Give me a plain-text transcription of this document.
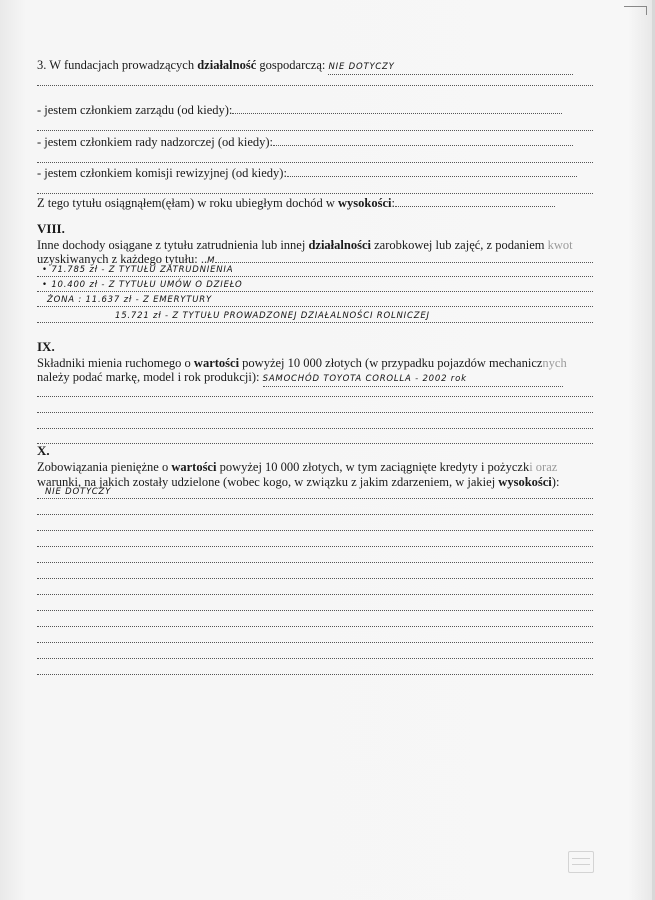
3. W fundacjach prowadzących działalność gospodarczą: NIE DOTYCZY
- jestem członkiem zarządu (od kiedy):
- jestem członkiem rady nadzorczej (od kiedy):
- jestem członkiem komisji rewizyjnej (od kiedy):
Z tego tytułu osiągnąłem(ęłam) w roku ubiegłym dochód w wysokości:
VIII.
Inne dochody osiągane z tytułu zatrudnienia lub innej działalności zarobkowej lub zajęć, z podaniem kwot
uzyskiwanych z każdego tytułu: ..M
• 71.785 zł - Z TYTUŁU ZATRUDNIENIA
• 10.400 zł - Z TYTUŁU UMÓW O DZIEŁO
ŻONA : 11.637 zł - Z EMERYTURY
15.721 zł - Z TYTUŁU PROWADZONEJ DZIAŁALNOŚCI ROLNICZEJ
IX.
Składniki mienia ruchomego o wartości powyżej 10 000 złotych (w przypadku pojazdów mechanicznych
należy podać markę, model i rok produkcji): SAMOCHÓD TOYOTA COROLLA - 2002 rok
X.
Zobowiązania pieniężne o wartości powyżej 10 000 złotych, w tym zaciągnięte kredyty i pożyczki oraz
warunki, na jakich zostały udzielone (wobec kogo, w związku z jakim zdarzeniem, w jakiej wysokości):
NIE DOTYCZY
